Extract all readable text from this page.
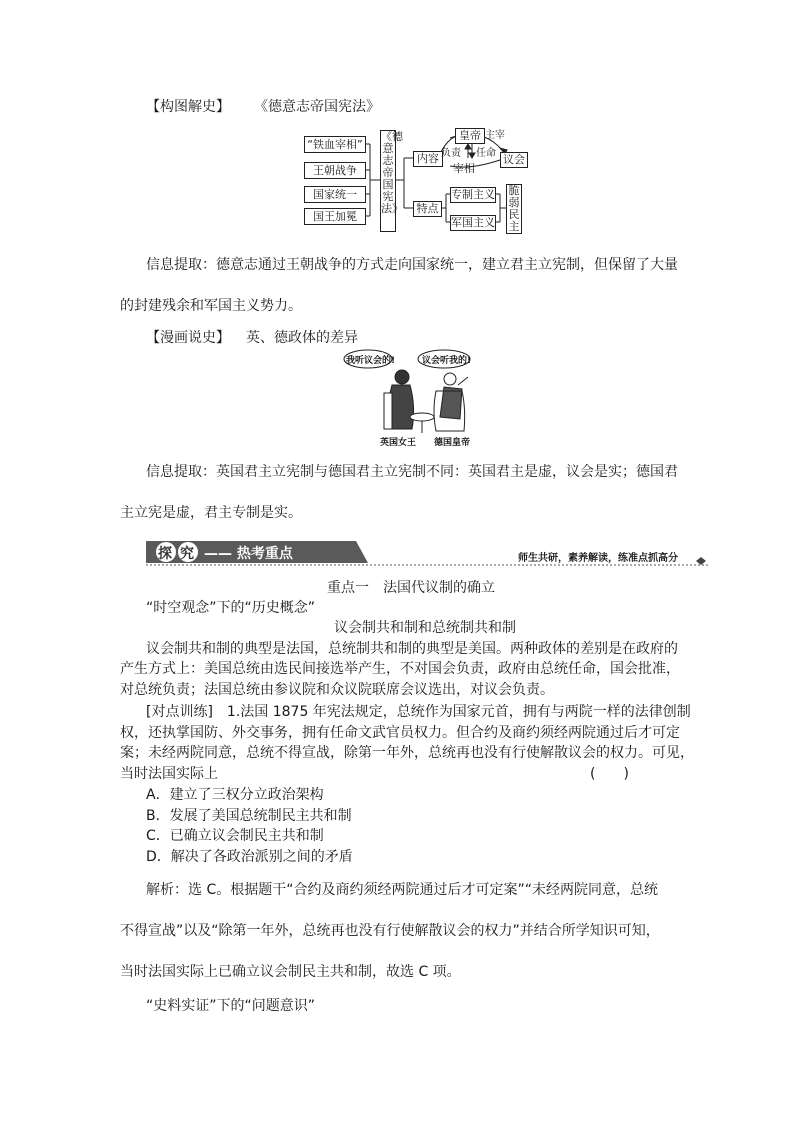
【构图解史】 《德意志帝国宪法》
“铁血宰相”
王朝战争
国家统一
国王加冕
《德意志帝国宪法》
内容
皇帝
宰相
议会
负责 任命
主宰
特点
专制主义
军国主义
脆弱民主
信息提取：德意志通过王朝战争的方式走向国家统一，建立君主立宪制，但保留了大量
的封建残余和军国主义势力。
【漫画说史】 英、德政体的差异
我听议会的!	议会听我的!
英国女王 德国皇帝
信息提取：英国君主立宪制与德国君主立宪制不同：英国君主是虚，议会是实；德国君
主立宪是虚，君主专制是实。
探 究 —— 热考重点	师生共研，素养解读，练准点抓高分
重点一　法国代议制的确立
“时空观念”下的“历史概念”
议会制共和制和总统制共和制
议会制共和制的典型是法国，总统制共和制的典型是美国。两种政体的差别是在政府的
产生方式上：美国总统由选民间接选举产生，不对国会负责，政府由总统任命，国会批准，
对总统负责；法国总统由参议院和众议院联席会议选出，对议会负责。
[对点训练]　1.法国 1875 年宪法规定，总统作为国家元首，拥有与两院一样的法律创制
权，还执掌国防、外交事务，拥有任命文武官员权力。但合约及商约须经两院通过后才可定
案；未经两院同意，总统不得宣战，除第一年外，总统再也没有行使解散议会的权力。可见，
当时法国实际上	(　　)
A．建立了三权分立政治架构
B．发展了美国总统制民主共和制
C．已确立议会制民主共和制
D．解决了各政治派别之间的矛盾
解析：选 C。根据题干“合约及商约须经两院通过后才可定案”“未经两院同意，总统
不得宣战”以及“除第一年外，总统再也没有行使解散议会的权力”并结合所学知识可知，
当时法国实际上已确立议会制民主共和制，故选 C 项。
“史料实证”下的“问题意识”
